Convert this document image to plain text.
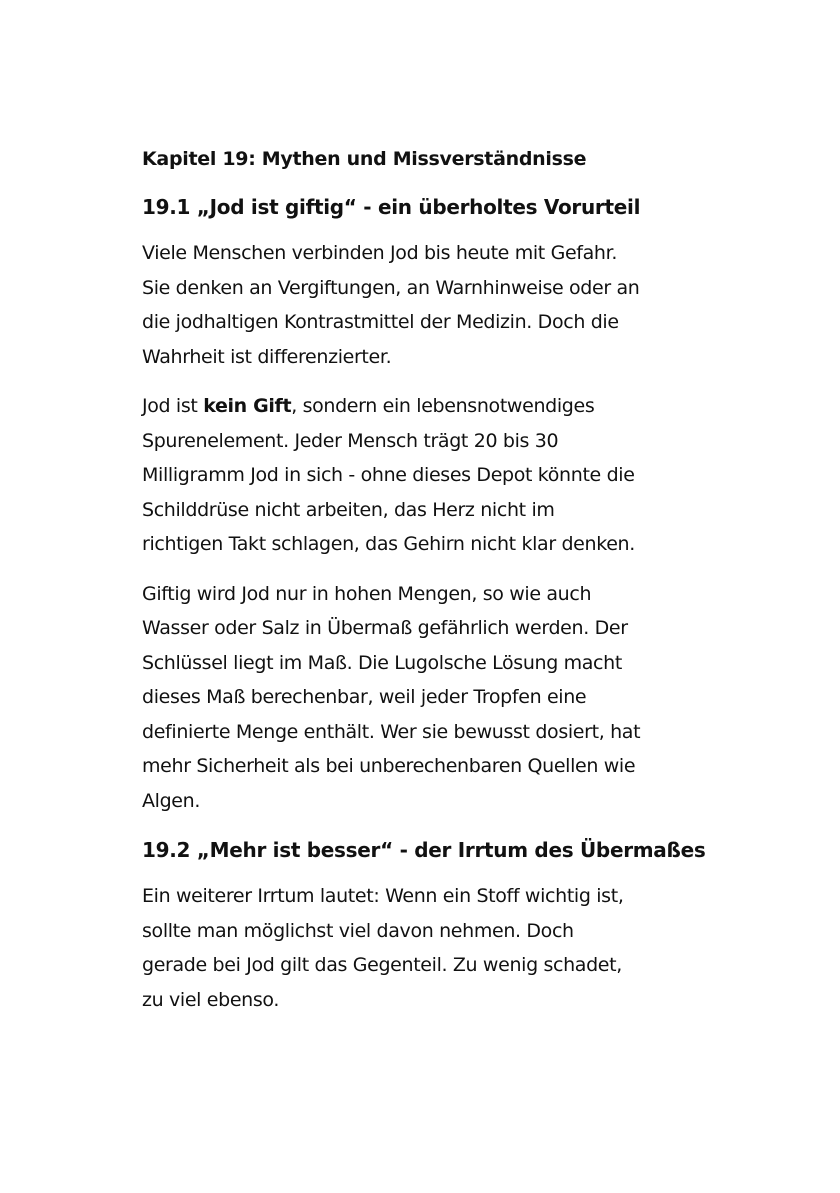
Kapitel 19: Mythen und Missverständnisse
19.1 „Jod ist giftig“ - ein überholtes Vorurteil

Viele Menschen verbinden Jod bis heute mit Gefahr.
Sie denken an Vergiftungen, an Warnhinweise oder an
die jodhaltigen Kontrastmittel der Medizin. Doch die
Wahrheit ist differenzierter.

Jod ist kein Gift, sondern ein lebensnotwendiges
Spurenelement. Jeder Mensch trägt 20 bis 30
Milligramm Jod in sich - ohne dieses Depot könnte die
Schilddrüse nicht arbeiten, das Herz nicht im
richtigen Takt schlagen, das Gehirn nicht klar denken.

Giftig wird Jod nur in hohen Mengen, so wie auch
Wasser oder Salz in Übermaß gefährlich werden. Der
Schlüssel liegt im Maß. Die Lugolsche Lösung macht
dieses Maß berechenbar, weil jeder Tropfen eine
definierte Menge enthält. Wer sie bewusst dosiert, hat
mehr Sicherheit als bei unberechenbaren Quellen wie
Algen.

19.2 „Mehr ist besser“ - der Irrtum des Übermaßes

Ein weiterer Irrtum lautet: Wenn ein Stoff wichtig ist,
sollte man möglichst viel davon nehmen. Doch
gerade bei Jod gilt das Gegenteil. Zu wenig schadet,
zu viel ebenso.
